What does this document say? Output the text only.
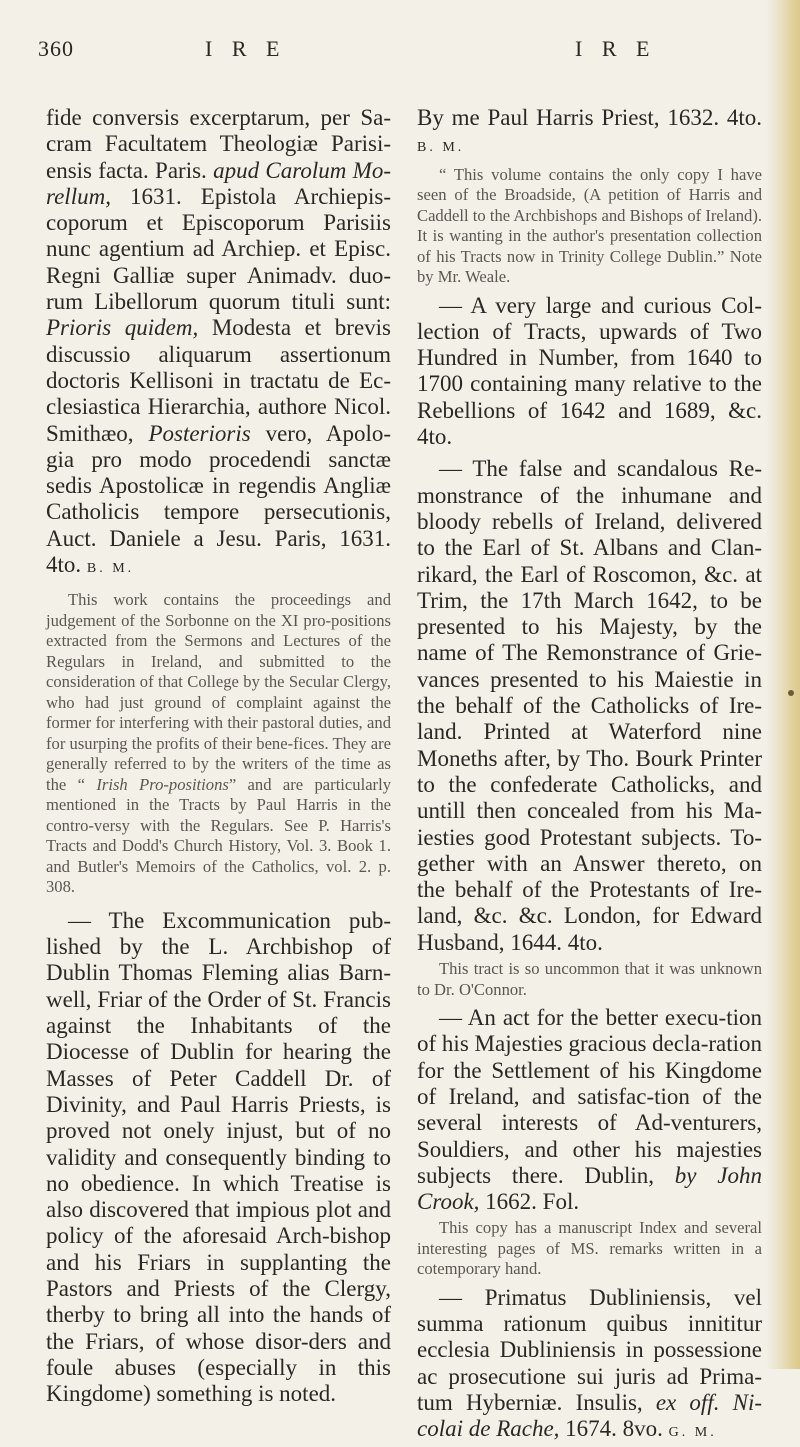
360	I R E	I R E

fide conversis excerptarum, per Sa-cram Facultatem Theologiæ Parisi-ensis facta. Paris. apud Carolum Mo-rellum, 1631. Epistola Archiepis-coporum et Episcoporum Parisiis nunc agentium ad Archiep. et Episc. Regni Galliæ super Animadv. duo-rum Libellorum quorum tituli sunt: Prioris quidem, Modesta et brevis discussio aliquarum assertionum doctoris Kellisoni in tractatu de Ec-clesiastica Hierarchia, authore Nicol. Smithæo, Posterioris vero, Apolo-gia pro modo procedendi sanctæ sedis Apostolicæ in regendis Angliæ Catholicis tempore persecutionis, Auct. Daniele a Jesu. Paris, 1631. 4to. B. M.

This work contains the proceedings and judgement of the Sorbonne on the XI pro-positions extracted from the Sermons and Lectures of the Regulars in Ireland, and submitted to the consideration of that College by the Secular Clergy, who had just ground of complaint against the former for interfering with their pastoral duties, and for usurping the profits of their bene-fices. They are generally referred to by the writers of the time as the “ Irish Pro-positions” and are particularly mentioned in the Tracts by Paul Harris in the contro-versy with the Regulars. See P. Harris's Tracts and Dodd's Church History, Vol. 3. Book 1. and Butler's Memoirs of the Catholics, vol. 2. p. 308.

— The Excommunication pub-lished by the L. Archbishop of Dublin Thomas Fleming alias Barn-well, Friar of the Order of St. Francis against the Inhabitants of the Diocesse of Dublin for hearing the Masses of Peter Caddell Dr. of Divinity, and Paul Harris Priests, is proved not onely injust, but of no validity and consequently binding to no obedience. In which Treatise is also discovered that impious plot and policy of the aforesaid Arch-bishop and his Friars in supplanting the Pastors and Priests of the Clergy, therby to bring all into the hands of the Friars, of whose disor-ders and foule abuses (especially in this Kingdome) something is noted.

By me Paul Harris Priest, 1632. 4to. B. M.

“ This volume contains the only copy I have seen of the Broadside, (A petition of Harris and Caddell to the Archbishops and Bishops of Ireland). It is wanting in the author's presentation collection of his Tracts now in Trinity College Dublin.” Note by Mr. Weale.

— A very large and curious Col-lection of Tracts, upwards of Two Hundred in Number, from 1640 to 1700 containing many relative to the Rebellions of 1642 and 1689, &c. 4to.

— The false and scandalous Re-monstrance of the inhumane and bloody rebells of Ireland, delivered to the Earl of St. Albans and Clan-rikard, the Earl of Roscomon, &c. at Trim, the 17th March 1642, to be presented to his Majesty, by the name of The Remonstrance of Grie-vances presented to his Maiestie in the behalf of the Catholicks of Ire-land. Printed at Waterford nine Moneths after, by Tho. Bourk Printer to the confederate Catholicks, and untill then concealed from his Ma-iesties good Protestant subjects. To-gether with an Answer thereto, on the behalf of the Protestants of Ire-land, &c. &c. London, for Edward Husband, 1644. 4to.

This tract is so uncommon that it was unknown to Dr. O'Connor.

— An act for the better execu-tion of his Majesties gracious decla-ration for the Settlement of his Kingdome of Ireland, and satisfac-tion of the several interests of Ad-venturers, Souldiers, and other his majesties subjects there. Dublin, by John Crook, 1662. Fol.

This copy has a manuscript Index and several interesting pages of MS. remarks written in a cotemporary hand.

— Primatus Dubliniensis, vel summa rationum quibus innititur ecclesia Dubliniensis in possessione ac prosecutione sui juris ad Prima-tum Hyberniæ. Insulis, ex off. Ni-colai de Rache, 1674. 8vo. G. M.
